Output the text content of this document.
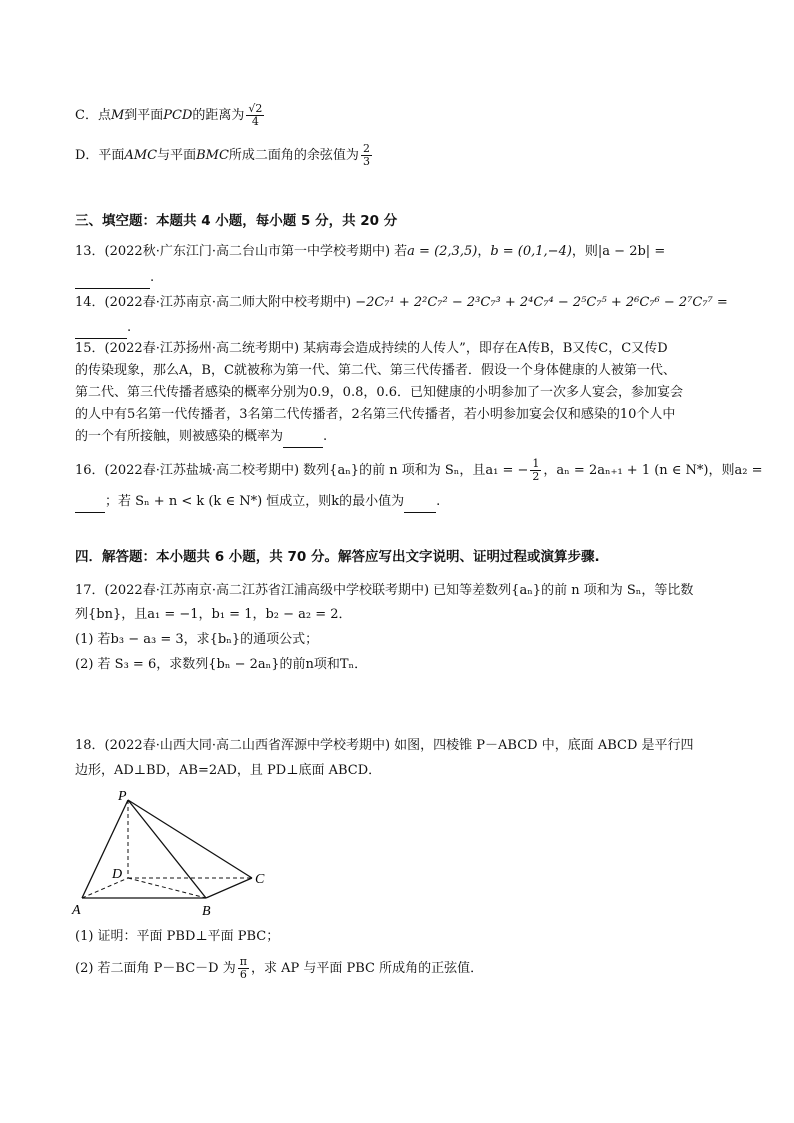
C．点M到平面PCD的距离为 $\frac{√2}{4}$
D．平面AMC与平面BMC所成二面角的余弦值为 $\frac{2}{3}$
三、填空题：本题共 4 小题，每小题 5 分，共 20 分
13．(2022秋·广东江门·高二台山市第一中学校考期中) 若a = (2,3,5)，b = (0,1,−4)，则|a − 2b| =
.
14．(2022春·江苏南京·高二师大附中校考期中) −2C₇¹ + 2²C₇² − 2³C₇³ + 2⁴C₇⁴ − 2⁵C₇⁵ + 2⁶C₇⁶ − 2⁷C₇⁷ =
.
15．(2022春·江苏扬州·高二统考期中) 某病毒会造成持续的人传人”，即存在A传B，B又传C，C又传D
的传染现象，那么A，B，C就被称为第一代、第二代、第三代传播者．假设一个身体健康的人被第一代、
第二代、第三代传播者感染的概率分别为0.9，0.8，0.6．已知健康的小明参加了一次多人宴会，参加宴会
的人中有5名第一代传播者，3名第二代传播者，2名第三代传播者，若小明参加宴会仅和感染的10个人中
的一个有所接触，则被感染的概率为	.
16．(2022春·江苏盐城·高二校考期中) 数列{aₙ}的前 n 项和为 Sₙ，且a₁ = − $\frac{1}{2}$ ，aₙ = 2aₙ₊₁ + 1 (n ∈ N*)，则a₂ =
；若 Sₙ + n < k (k ∈ N*) 恒成立，则k的最小值为 .
四．解答题：本小题共 6 小题，共 70 分。解答应写出文字说明、证明过程或演算步骤.
17．(2022春·江苏南京·高二江苏省江浦高级中学校联考期中) 已知等差数列{aₙ}的前 n 项和为 Sₙ，等比数
列{bn}，且a₁ = −1，b₁ = 1，b₂ − a₂ = 2．
(1) 若b₃ − a₃ = 3，求{bₙ}的通项公式；
(2) 若 S₃ = 6，求数列{bₙ − 2aₙ}的前n项和Tₙ．
18．(2022春·山西大同·高二山西省浑源中学校考期中) 如图，四棱锥 P－ABCD 中，底面 ABCD 是平行四
边形，AD⊥BD，AB=2AD，且 PD⊥底面 ABCD．
P
D	C
A	B
(1) 证明：平面 PBD⊥平面 PBC；
(2) 若二面角 P－BC－D 为 $\frac{\pi}{6}$ ，求 AP 与平面 PBC 所成角的正弦值．
